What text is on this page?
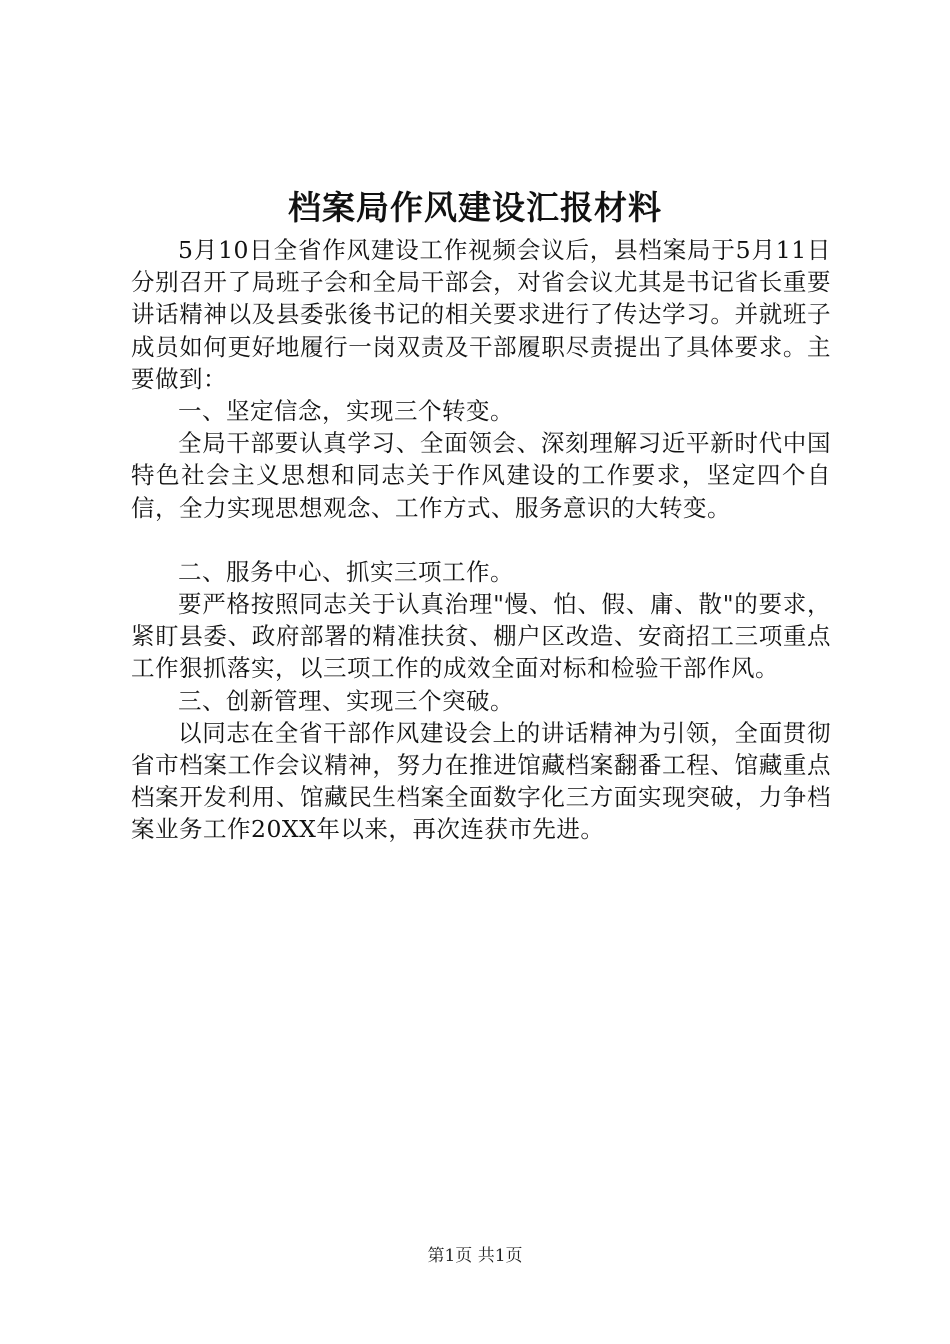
档案局作风建设汇报材料

5月10日全省作风建设工作视频会议后，县档案局于5月11日分别召开了局班子会和全局干部会，对省会议尤其是书记省长重要讲话精神以及县委张後书记的相关要求进行了传达学习。并就班子成员如何更好地履行一岗双责及干部履职尽责提出了具体要求。主要做到：

一、坚定信念，实现三个转变。

全局干部要认真学习、全面领会、深刻理解习近平新时代中国特色社会主义思想和同志关于作风建设的工作要求，坚定四个自信，全力实现思想观念、工作方式、服务意识的大转变。

二、服务中心、抓实三项工作。

要严格按照同志关于认真治理"慢、怕、假、庸、散"的要求，紧盯县委、政府部署的精准扶贫、棚户区改造、安商招工三项重点工作狠抓落实，以三项工作的成效全面对标和检验干部作风。

三、创新管理、实现三个突破。

以同志在全省干部作风建设会上的讲话精神为引领，全面贯彻省市档案工作会议精神，努力在推进馆藏档案翻番工程、馆藏重点档案开发利用、馆藏民生档案全面数字化三方面实现突破，力争档案业务工作20XX年以来，再次连获市先进。

第1页 共1页
